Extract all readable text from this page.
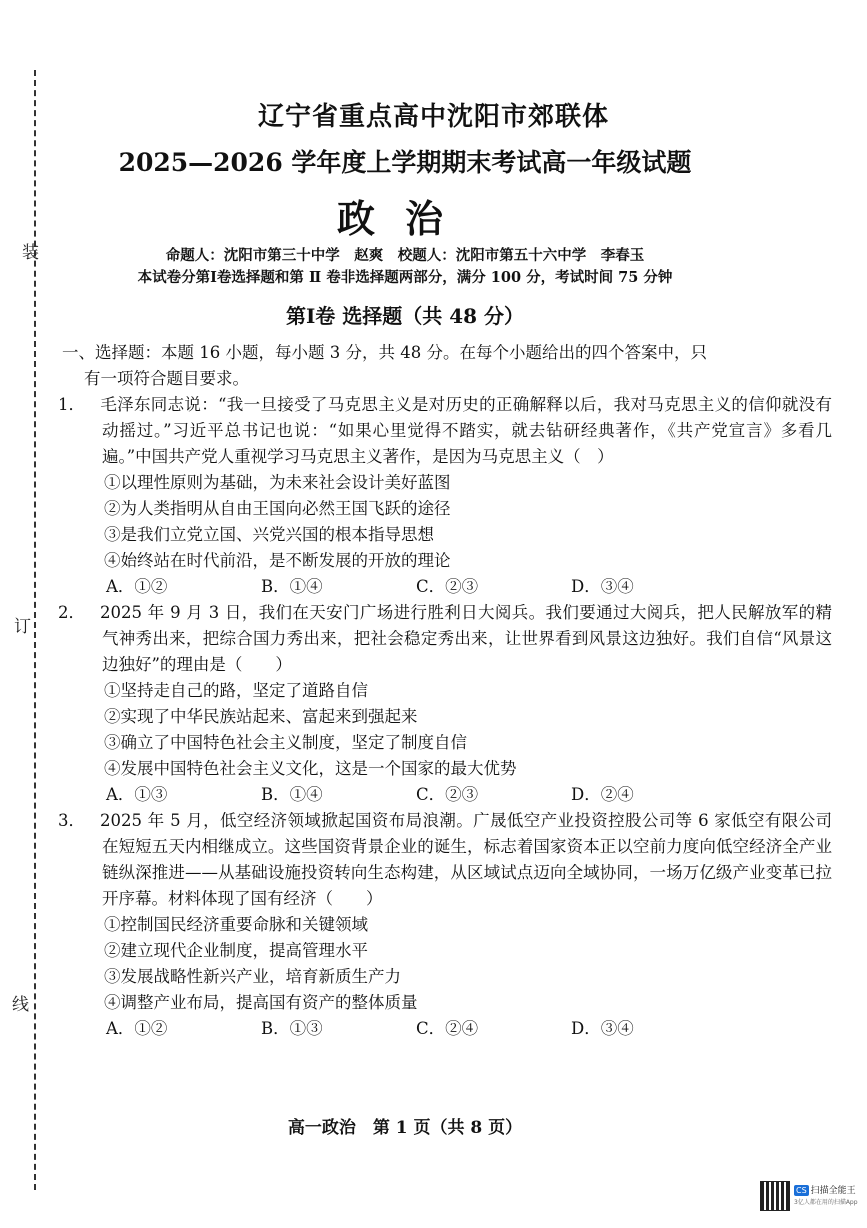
装
订
线
辽宁省重点高中沈阳市郊联体
2025—2026 学年度上学期期末考试高一年级试题
政治
命题人：沈阳市第三十中学　赵爽　校题人：沈阳市第五十六中学　李春玉
本试卷分第Ⅰ卷选择题和第 Ⅱ 卷非选择题两部分，满分 100 分，考试时间 75 分钟
第Ⅰ卷 选择题（共 48 分）

一、选择题：本题 16 小题，每小题 3 分，共 48 分。在每个小题给出的四个答案中，只

有一项符合题目要求。

1． 毛泽东同志说：“我一旦接受了马克思主义是对历史的正确解释以后，我对马克思主义的信仰就没有动摇过。”习近平总书记也说：“如果心里觉得不踏实，就去钻研经典著作，《共产党宣言》多看几遍。”中国共产党人重视学习马克思主义著作，是因为马克思主义（　）

①以理性原则为基础，为未来社会设计美好蓝图

②为人类指明从自由王国向必然王国飞跃的途径

③是我们立党立国、兴党兴国的根本指导思想

④始终站在时代前沿，是不断发展的开放的理论

A．①②	B．①④	C．②③	D．③④

2． 2025 年 9 月 3 日，我们在天安门广场进行胜利日大阅兵。我们要通过大阅兵，把人民解放军的精气神秀出来，把综合国力秀出来，把社会稳定秀出来，让世界看到风景这边独好。我们自信“风景这边独好”的理由是（　　）

①坚持走自己的路，坚定了道路自信

②实现了中华民族站起来、富起来到强起来

③确立了中国特色社会主义制度，坚定了制度自信

④发展中国特色社会主义文化，这是一个国家的最大优势

A．①③	B．①④	C．②③	D．②④

3． 2025 年 5 月，低空经济领域掀起国资布局浪潮。广晟低空产业投资控股公司等 6 家低空有限公司在短短五天内相继成立。这些国资背景企业的诞生，标志着国家资本正以空前力度向低空经济全产业链纵深推进——从基础设施投资转向生态构建，从区域试点迈向全域协同，一场万亿级产业变革已拉开序幕。材料体现了国有经济（　　）

①控制国民经济重要命脉和关键领域

②建立现代企业制度，提高管理水平

③发展战略性新兴产业，培育新质生产力

④调整产业布局，提高国有资产的整体质量

A．①②	B．①③	C．②④	D．③④
高一政治　第 1 页（共 8 页）
CS 扫描全能王
3亿人都在用的扫描App
